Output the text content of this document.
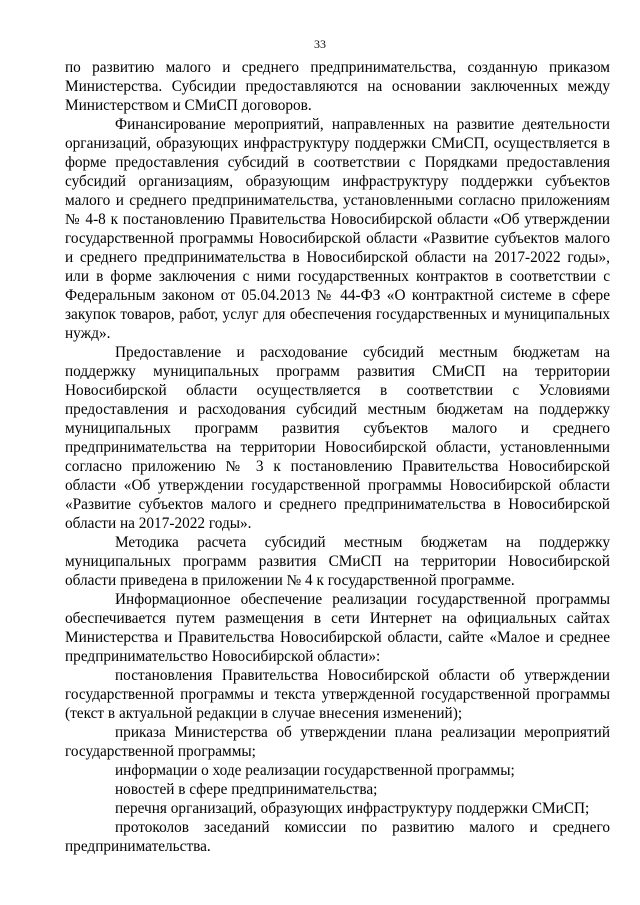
33

по развитию малого и среднего предпринимательства, созданную приказом Министерства. Субсидии предоставляются на основании заключенных между Министерством и СМиСП договоров.

Финансирование мероприятий, направленных на развитие деятельности организаций, образующих инфраструктуру поддержки СМиСП, осуществляется в форме предоставления субсидий в соответствии с Порядками предоставления субсидий организациям, образующим инфраструктуру поддержки субъектов малого и среднего предпринимательства, установленными согласно приложениям № 4-8 к постановлению Правительства Новосибирской области «Об утверждении государственной программы Новосибирской области «Развитие субъектов малого и среднего предпринимательства в Новосибирской области на 2017-2022 годы», или в форме заключения с ними государственных контрактов в соответствии с Федеральным законом от 05.04.2013 № 44-ФЗ «О контрактной системе в сфере закупок товаров, работ, услуг для обеспечения государственных и муниципальных нужд».

Предоставление и расходование субсидий местным бюджетам на поддержку муниципальных программ развития СМиСП на территории Новосибирской области осуществляется в соответствии с Условиями предоставления и расходования субсидий местным бюджетам на поддержку муниципальных программ развития субъектов малого и среднего предпринимательства на территории Новосибирской области, установленными согласно приложению № 3 к постановлению Правительства Новосибирской области «Об утверждении государственной программы Новосибирской области «Развитие субъектов малого и среднего предпринимательства в Новосибирской области на 2017-2022 годы».

Методика расчета субсидий местным бюджетам на поддержку муниципальных программ развития СМиСП на территории Новосибирской области приведена в приложении № 4 к государственной программе.

Информационное обеспечение реализации государственной программы обеспечивается путем размещения в сети Интернет на официальных сайтах Министерства и Правительства Новосибирской области, сайте «Малое и среднее предпринимательство Новосибирской области»:

постановления Правительства Новосибирской области об утверждении государственной программы и текста утвержденной государственной программы (текст в актуальной редакции в случае внесения изменений);

приказа Министерства об утверждении плана реализации мероприятий государственной программы;

информации о ходе реализации государственной программы;

новостей в сфере предпринимательства;

перечня организаций, образующих инфраструктуру поддержки СМиСП;

протоколов заседаний комиссии по развитию малого и среднего предпринимательства.
